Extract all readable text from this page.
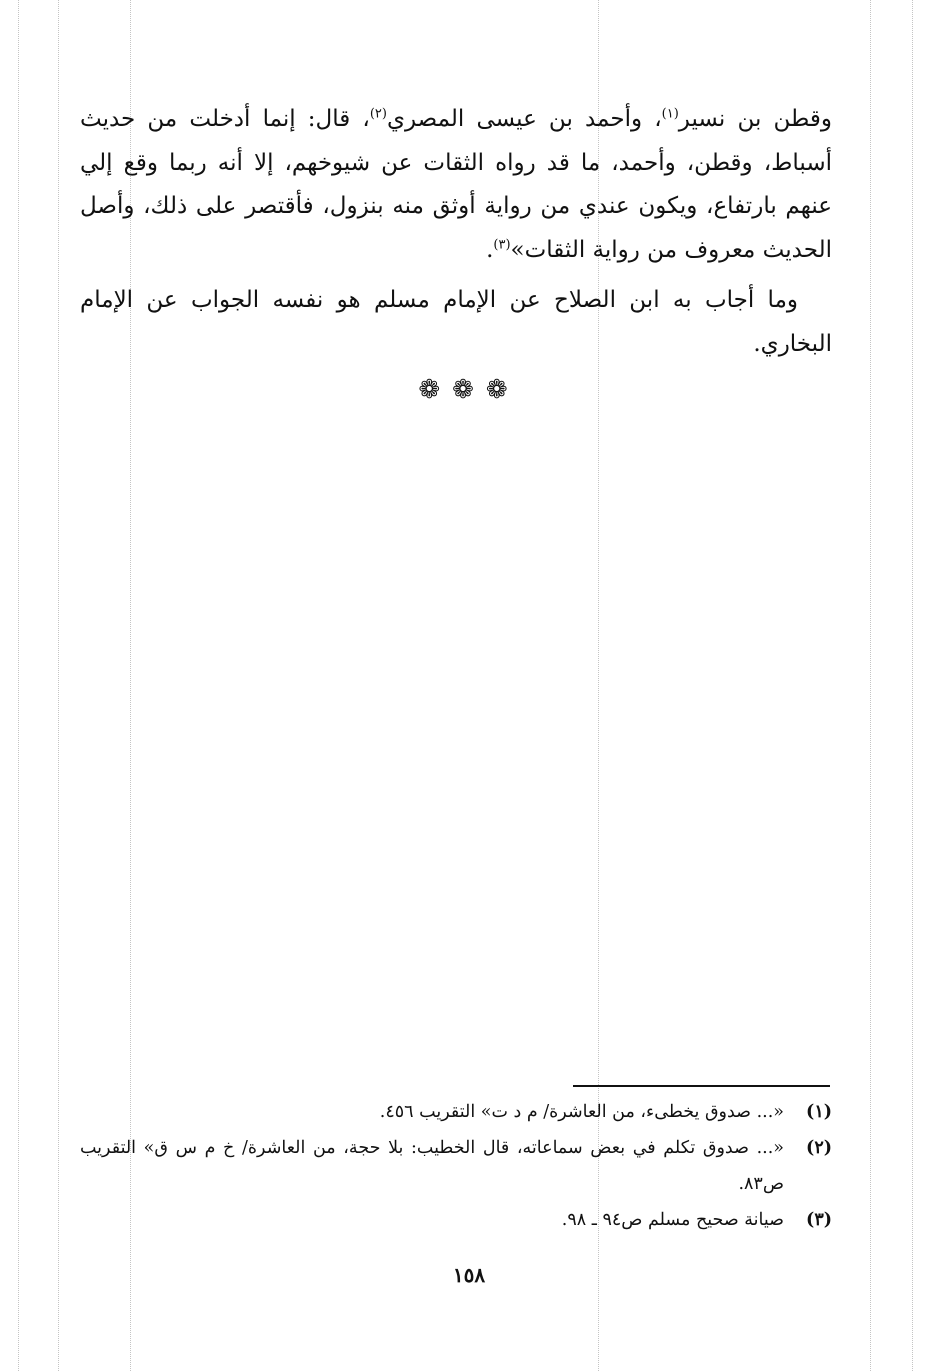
وقطن بن نسير$^{(١)}$، وأحمد بن عيسى المصري$^{(٢)}$، قال: إنما أدخلت من حديث أسباط، وقطن، وأحمد، ما قد رواه الثقات عن شيوخهم، إلا أنه ربما وقع إلي عنهم بارتفاع، ويكون عندي من رواية أوثق منه بنزول، فأقتصر على ذلك، وأصل الحديث معروف من رواية الثقات»$^{(٣)}$.

وما أجاب به ابن الصلاح عن الإمام مسلم هو نفسه الجواب عن الإمام البخاري.

❁❁❁
(١)
«... صدوق يخطىء، من العاشرة/ م د ت» التقريب ٤٥٦.
(٢)
«... صدوق تكلم في بعض سماعاته، قال الخطيب: بلا حجة، من العاشرة/ خ م س ق» التقريب ص٨٣.
(٣)
صيانة صحيح مسلم ص٩٤ ـ ٩٨.
١٥٨
